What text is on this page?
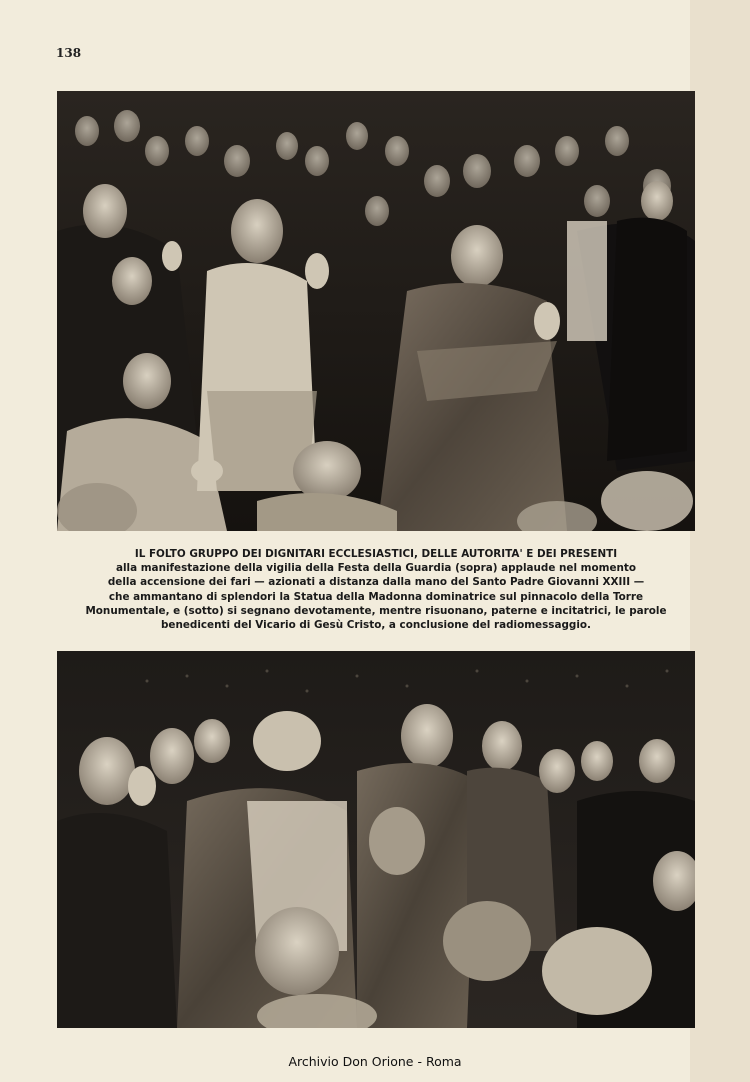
138
IL FOLTO GRUPPO DEI DIGNITARI ECCLESIASTICI, DELLE AUTORITA' E DEI PRESENTI
alla manifestazione della vigilia della Festa della Guardia (sopra) applaude nel momento
della accensione dei fari — azionati a distanza dalla mano del Santo Padre Giovanni XXIII —
che ammantano di splendori la Statua della Madonna dominatrice sul pinnacolo della Torre
Monumentale, e (sotto) si segnano devotamente, mentre risuonano, paterne e incitatrici, le parole
benedicenti del Vicario di Gesù Cristo, a conclusione del radiomessaggio.
Archivio Don Orione - Roma
